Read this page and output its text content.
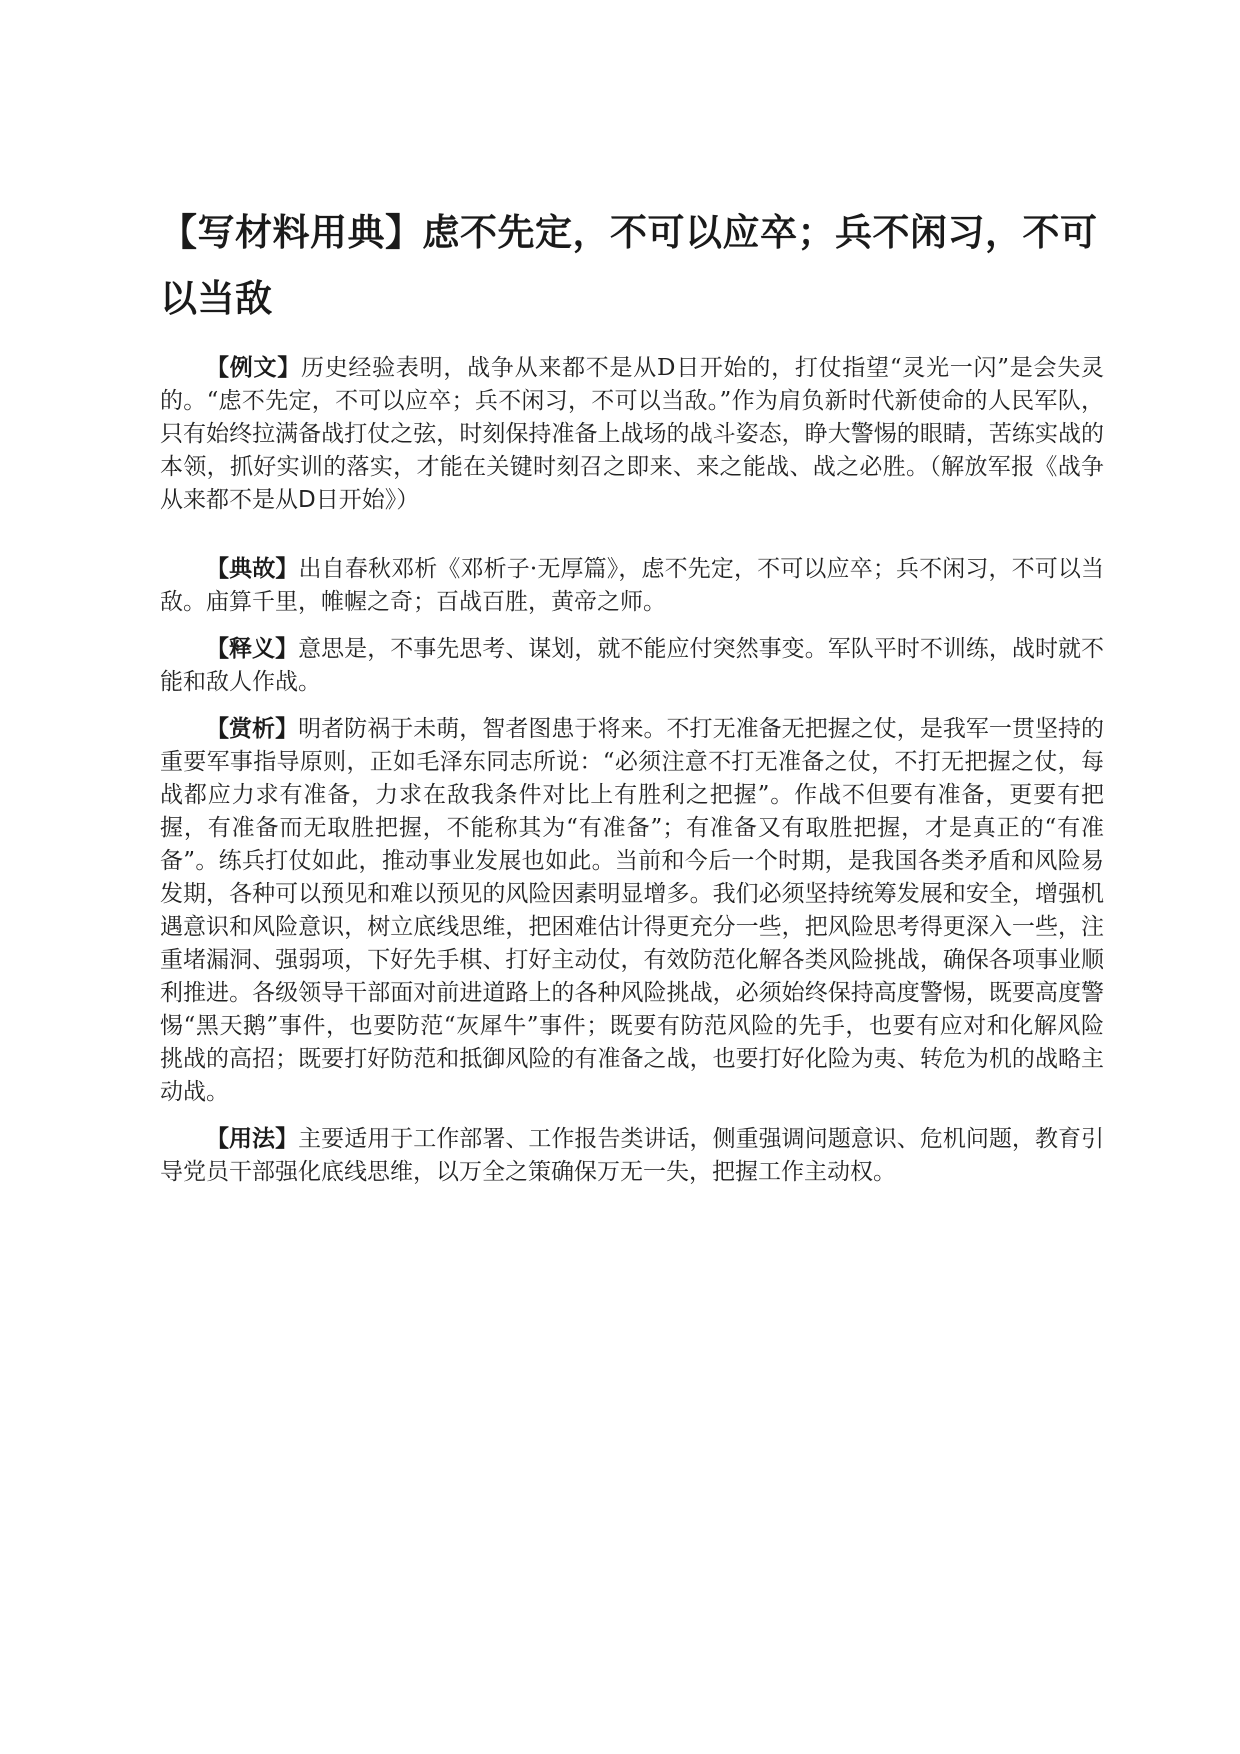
【写材料用典】虑不先定，不可以应卒；兵不闲习，不可以当敌

【例文】历史经验表明，战争从来都不是从D日开始的，打仗指望“灵光一闪”是会失灵的。“虑不先定，不可以应卒；兵不闲习，不可以当敌。”作为肩负新时代新使命的人民军队，只有始终拉满备战打仗之弦，时刻保持准备上战场的战斗姿态，睁大警惕的眼睛，苦练实战的本领，抓好实训的落实，才能在关键时刻召之即来、来之能战、战之必胜。（解放军报《战争从来都不是从D日开始》）

【典故】出自春秋邓析《邓析子·无厚篇》，虑不先定，不可以应卒；兵不闲习，不可以当敌。庙算千里，帷幄之奇；百战百胜，黄帝之师。

【释义】意思是，不事先思考、谋划，就不能应付突然事变。军队平时不训练，战时就不能和敌人作战。

【赏析】明者防祸于未萌，智者图患于将来。不打无准备无把握之仗，是我军一贯坚持的重要军事指导原则，正如毛泽东同志所说：“必须注意不打无准备之仗，不打无把握之仗，每战都应力求有准备，力求在敌我条件对比上有胜利之把握”。作战不但要有准备，更要有把握，有准备而无取胜把握，不能称其为“有准备”；有准备又有取胜把握，才是真正的“有准备”。练兵打仗如此，推动事业发展也如此。当前和今后一个时期，是我国各类矛盾和风险易发期，各种可以预见和难以预见的风险因素明显增多。我们必须坚持统筹发展和安全，增强机遇意识和风险意识，树立底线思维，把困难估计得更充分一些，把风险思考得更深入一些，注重堵漏洞、强弱项，下好先手棋、打好主动仗，有效防范化解各类风险挑战，确保各项事业顺利推进。各级领导干部面对前进道路上的各种风险挑战，必须始终保持高度警惕，既要高度警惕“黑天鹅”事件，也要防范“灰犀牛”事件；既要有防范风险的先手，也要有应对和化解风险挑战的高招；既要打好防范和抵御风险的有准备之战，也要打好化险为夷、转危为机的战略主动战。

【用法】主要适用于工作部署、工作报告类讲话，侧重强调问题意识、危机问题，教育引导党员干部强化底线思维，以万全之策确保万无一失，把握工作主动权。
